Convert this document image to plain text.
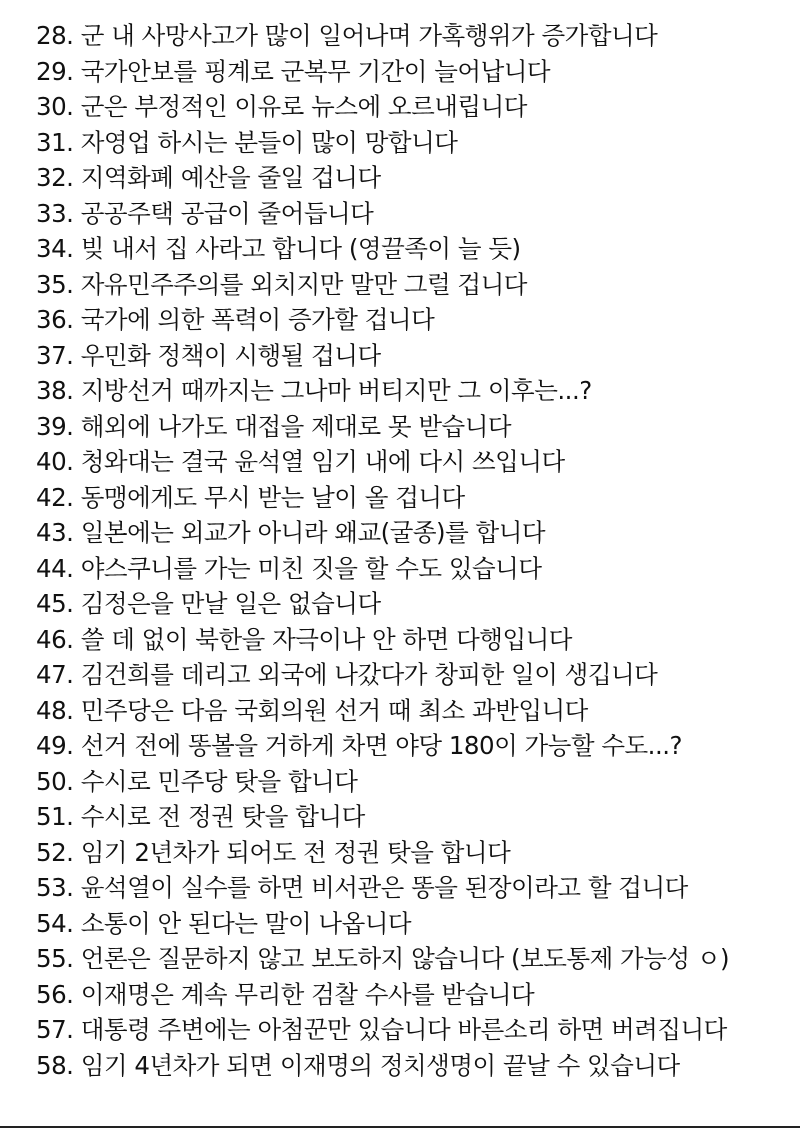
28. 군 내 사망사고가 많이 일어나며 가혹행위가 증가합니다
29. 국가안보를 핑계로 군복무 기간이 늘어납니다
30. 군은 부정적인 이유로 뉴스에 오르내립니다
31. 자영업 하시는 분들이 많이 망합니다
32. 지역화폐 예산을 줄일 겁니다
33. 공공주택 공급이 줄어듭니다
34. 빚 내서 집 사라고 합니다 (영끌족이 늘 듯)
35. 자유민주주의를 외치지만 말만 그럴 겁니다
36. 국가에 의한 폭력이 증가할 겁니다
37. 우민화 정책이 시행될 겁니다
38. 지방선거 때까지는 그나마 버티지만 그 이후는...?
39. 해외에 나가도 대접을 제대로 못 받습니다
40. 청와대는 결국 윤석열 임기 내에 다시 쓰입니다
42. 동맹에게도 무시 받는 날이 올 겁니다
43. 일본에는 외교가 아니라 왜교(굴종)를 합니다
44. 야스쿠니를 가는 미친 짓을 할 수도 있습니다
45. 김정은을 만날 일은 없습니다
46. 쓸 데 없이 북한을 자극이나 안 하면 다행입니다
47. 김건희를 데리고 외국에 나갔다가 창피한 일이 생깁니다
48. 민주당은 다음 국회의원 선거 때 최소 과반입니다
49. 선거 전에 똥볼을 거하게 차면 야당 180이 가능할 수도...?
50. 수시로 민주당 탓을 합니다
51. 수시로 전 정권 탓을 합니다
52. 임기 2년차가 되어도 전 정권 탓을 합니다
53. 윤석열이 실수를 하면 비서관은 똥을 된장이라고 할 겁니다
54. 소통이 안 된다는 말이 나옵니다
55. 언론은 질문하지 않고 보도하지 않습니다 (보도통제 가능성 ㅇ)
56. 이재명은 계속 무리한 검찰 수사를 받습니다
57. 대통령 주변에는 아첨꾼만 있습니다 바른소리 하면 버려집니다
58. 임기 4년차가 되면 이재명의 정치생명이 끝날 수 있습니다
